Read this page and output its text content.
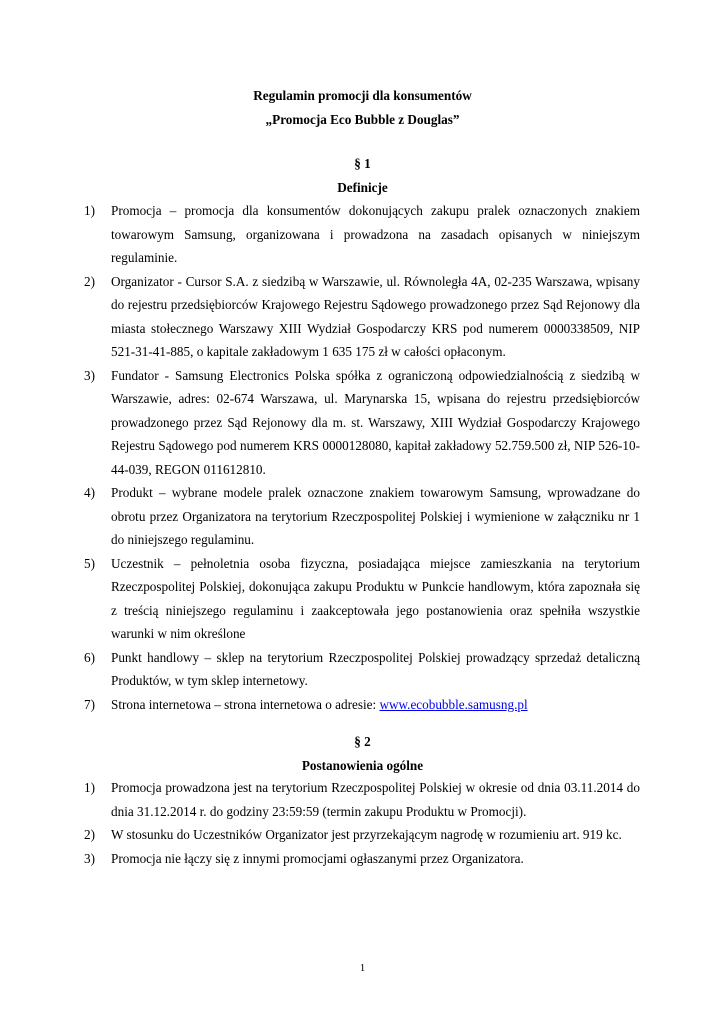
Regulamin promocji dla konsumentów
„Promocja Eco Bubble z Douglas”
§ 1
Definicje
1) Promocja – promocja dla konsumentów dokonujących zakupu pralek oznaczonych znakiem towarowym Samsung, organizowana i prowadzona na zasadach opisanych w niniejszym regulaminie.
2) Organizator - Cursor S.A. z siedzibą w Warszawie, ul. Równoległa 4A, 02-235 Warszawa, wpisany do rejestru przedsiębiorców Krajowego Rejestru Sądowego prowadzonego przez Sąd Rejonowy dla miasta stołecznego Warszawy XIII Wydział Gospodarczy KRS pod numerem 0000338509, NIP 521-31-41-885, o kapitale zakładowym 1 635 175 zł w całości opłaconym.
3) Fundator - Samsung Electronics Polska spółka z ograniczoną odpowiedzialnością z siedzibą w Warszawie, adres: 02-674 Warszawa, ul. Marynarska 15, wpisana do rejestru przedsiębiorców prowadzonego przez Sąd Rejonowy dla m. st. Warszawy, XIII Wydział Gospodarczy Krajowego Rejestru Sądowego pod numerem KRS 0000128080, kapitał zakładowy 52.759.500 zł, NIP 526-10-44-039, REGON 011612810.
4) Produkt – wybrane modele pralek oznaczone znakiem towarowym Samsung, wprowadzane do obrotu przez Organizatora na terytorium Rzeczpospolitej Polskiej i wymienione w załączniku nr 1 do niniejszego regulaminu.
5) Uczestnik – pełnoletnia osoba fizyczna, posiadająca miejsce zamieszkania na terytorium Rzeczpospolitej Polskiej, dokonująca zakupu Produktu w Punkcie handlowym, która zapoznała się z treścią niniejszego regulaminu i zaakceptowała jego postanowienia oraz spełniła wszystkie warunki w nim określone
6) Punkt handlowy – sklep na terytorium Rzeczpospolitej Polskiej prowadzący sprzedaż detaliczną Produktów, w tym sklep internetowy.
7) Strona internetowa – strona internetowa o adresie: www.ecobubble.samusng.pl
§ 2
Postanowienia ogólne
1) Promocja prowadzona jest na terytorium Rzeczpospolitej Polskiej w okresie od dnia 03.11.2014 do dnia 31.12.2014 r. do godziny 23:59:59 (termin zakupu Produktu w Promocji).
2) W stosunku do Uczestników Organizator jest przyrzekającym nagrodę w rozumieniu art. 919 kc.
3) Promocja nie łączy się z innymi promocjami ogłaszanymi przez Organizatora.
1
